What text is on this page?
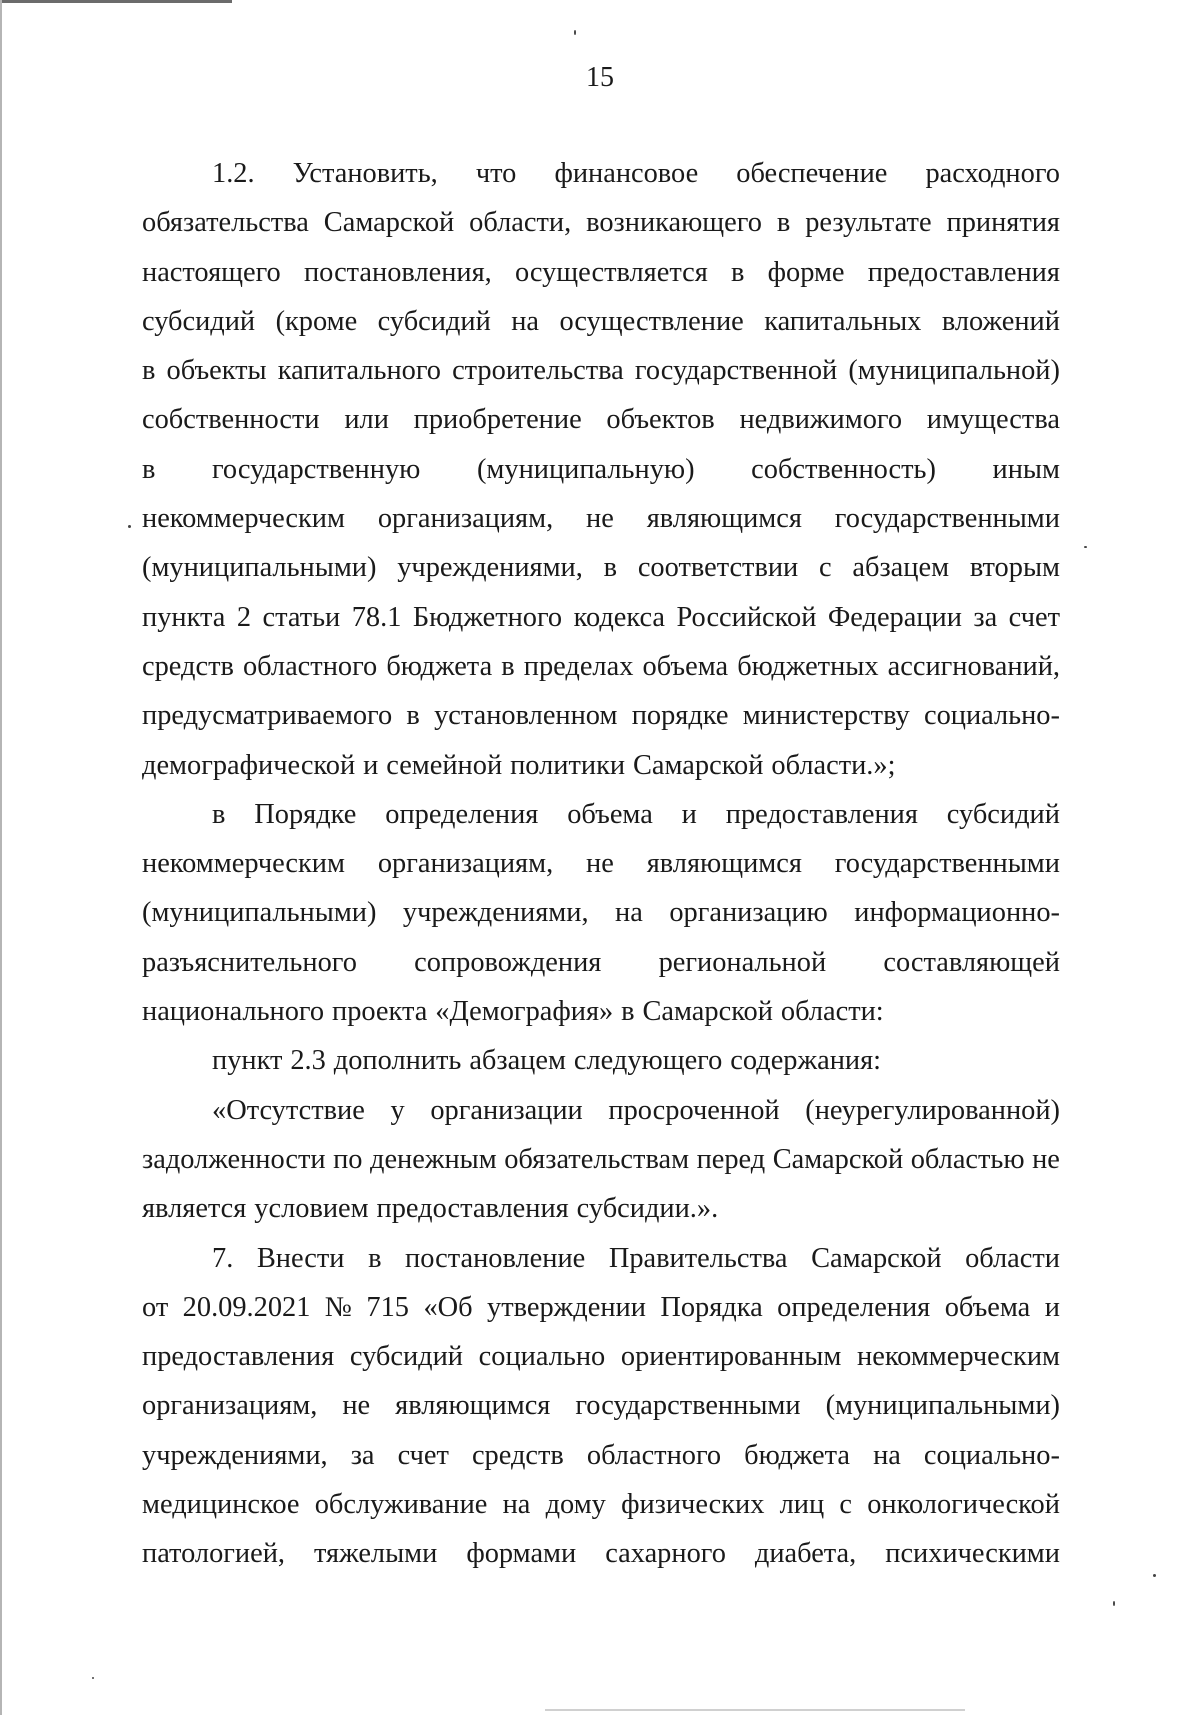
15
1.2. Установить, что финансовое обеспечение расходного
обязательства Самарской области, возникающего в результате принятия
настоящего постановления, осуществляется в форме предоставления
субсидий (кроме субсидий на осуществление капитальных вложений
в объекты капитального строительства государственной (муниципальной)
собственности или приобретение объектов недвижимого имущества
в государственную (муниципальную) собственность) иным
некоммерческим организациям, не являющимся государственными
(муниципальными) учреждениями, в соответствии с абзацем вторым
пункта 2 статьи 78.1 Бюджетного кодекса Российской Федерации за счет
средств областного бюджета в пределах объема бюджетных ассигнований,
предусматриваемого в установленном порядке министерству социально-
демографической и семейной политики Самарской области.»;
в Порядке определения объема и предоставления субсидий
некоммерческим организациям, не являющимся государственными
(муниципальными) учреждениями, на организацию информационно-
разъяснительного сопровождения региональной составляющей
национального проекта «Демография» в Самарской области:
пункт 2.3 дополнить абзацем следующего содержания:
«Отсутствие у организации просроченной (неурегулированной)
задолженности по денежным обязательствам перед Самарской областью не
является условием предоставления субсидии.».
7. Внести в постановление Правительства Самарской области
от 20.09.2021 № 715 «Об утверждении Порядка определения объема и
предоставления субсидий социально ориентированным некоммерческим
организациям, не являющимся государственными (муниципальными)
учреждениями, за счет средств областного бюджета на социально-
медицинское обслуживание на дому физических лиц с онкологической
патологией, тяжелыми формами сахарного диабета, психическими
